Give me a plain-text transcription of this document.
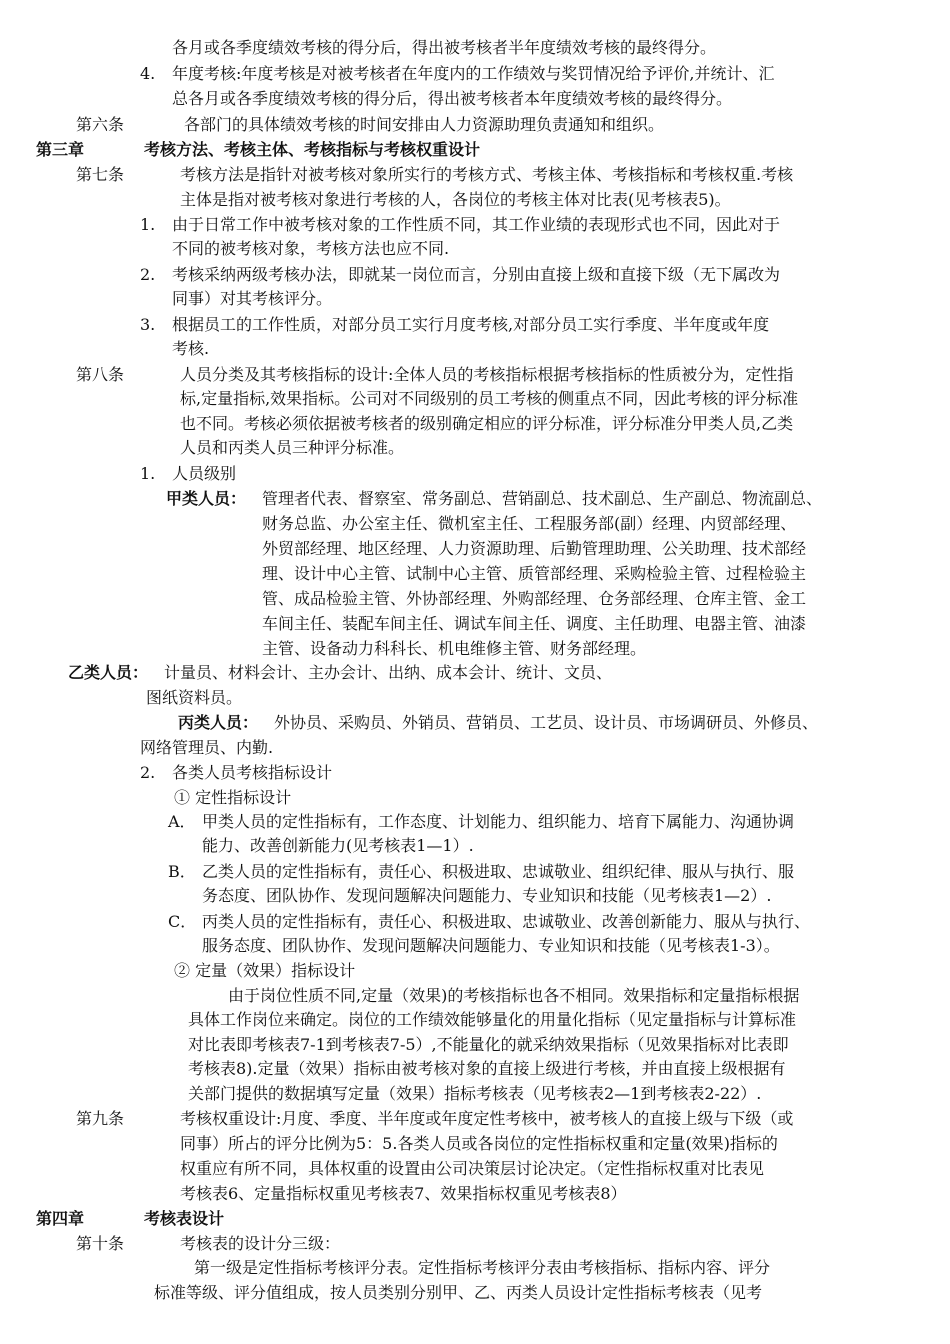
各月或各季度绩效考核的得分后，得出被考核者半年度绩效考核的最终得分。
4. 年度考核:年度考核是对被考核者在年度内的工作绩效与奖罚情况给予评价,并统计、汇
总各月或各季度绩效考核的得分后，得出被考核者本年度绩效考核的最终得分。
第六条	各部门的具体绩效考核的时间安排由人力资源助理负责通知和组织。
第三章	考核方法、考核主体、考核指标与考核权重设计
第七条	考核方法是指针对被考核对象所实行的考核方式、考核主体、考核指标和考核权重.考核
主体是指对被考核对象进行考核的人，各岗位的考核主体对比表(见考核表5)。
1. 由于日常工作中被考核对象的工作性质不同，其工作业绩的表现形式也不同，因此对于
不同的被考核对象，考核方法也应不同.
2. 考核采纳两级考核办法，即就某一岗位而言，分别由直接上级和直接下级（无下属改为
同事）对其考核评分。
3. 根据员工的工作性质，对部分员工实行月度考核,对部分员工实行季度、半年度或年度
考核.
第八条	人员分类及其考核指标的设计:全体人员的考核指标根据考核指标的性质被分为，定性指
标,定量指标,效果指标。公司对不同级别的员工考核的侧重点不同，因此考核的评分标准
也不同。考核必须依据被考核者的级别确定相应的评分标准，评分标准分甲类人员,乙类
人员和丙类人员三种评分标准。
1. 人员级别
甲类人员： 管理者代表、督察室、常务副总、营销副总、技术副总、生产副总、物流副总、
财务总监、办公室主任、微机室主任、工程服务部(副）经理、内贸部经理、
外贸部经理、地区经理、人力资源助理、后勤管理助理、公关助理、技术部经
理、设计中心主管、试制中心主管、质管部经理、采购检验主管、过程检验主
管、成品检验主管、外协部经理、外购部经理、仓务部经理、仓库主管、金工
车间主任、装配车间主任、调试车间主任、调度、主任助理、电器主管、油漆
主管、设备动力科科长、机电维修主管、财务部经理。
乙类人员： 计量员、材料会计、主办会计、出纳、成本会计、统计、文员、
图纸资料员。
丙类人员： 外协员、采购员、外销员、营销员、工艺员、设计员、市场调研员、外修员、
网络管理员、内勤.
2. 各类人员考核指标设计
① 定性指标设计
A． 甲类人员的定性指标有，工作态度、计划能力、组织能力、培育下属能力、沟通协调
能力、改善创新能力(见考核表1—1）.
B． 乙类人员的定性指标有，责任心、积极进取、忠诚敬业、组织纪律、服从与执行、服
务态度、团队协作、发现问题解决问题能力、专业知识和技能（见考核表1—2）.
C． 丙类人员的定性指标有，责任心、积极进取、忠诚敬业、改善创新能力、服从与执行、
服务态度、团队协作、发现问题解决问题能力、专业知识和技能（见考核表1-3）。
② 定量（效果）指标设计
由于岗位性质不同,定量（效果)的考核指标也各不相同。效果指标和定量指标根据
具体工作岗位来确定。岗位的工作绩效能够量化的用量化指标（见定量指标与计算标准
对比表即考核表7-1到考核表7-5）,不能量化的就采纳效果指标（见效果指标对比表即
考核表8).定量（效果）指标由被考核对象的直接上级进行考核，并由直接上级根据有
关部门提供的数据填写定量（效果）指标考核表（见考核表2—1到考核表2-22）.
第九条	考核权重设计:月度、季度、半年度或年度定性考核中，被考核人的直接上级与下级（或
同事）所占的评分比例为5：5.各类人员或各岗位的定性指标权重和定量(效果)指标的
权重应有所不同，具体权重的设置由公司决策层讨论决定。（定性指标权重对比表见
考核表6、定量指标权重见考核表7、效果指标权重见考核表8）
第四章	考核表设计
第十条	考核表的设计分三级：
第一级是定性指标考核评分表。定性指标考核评分表由考核指标、指标内容、评分
标准等级、评分值组成，按人员类别分别甲、乙、丙类人员设计定性指标考核表（见考
